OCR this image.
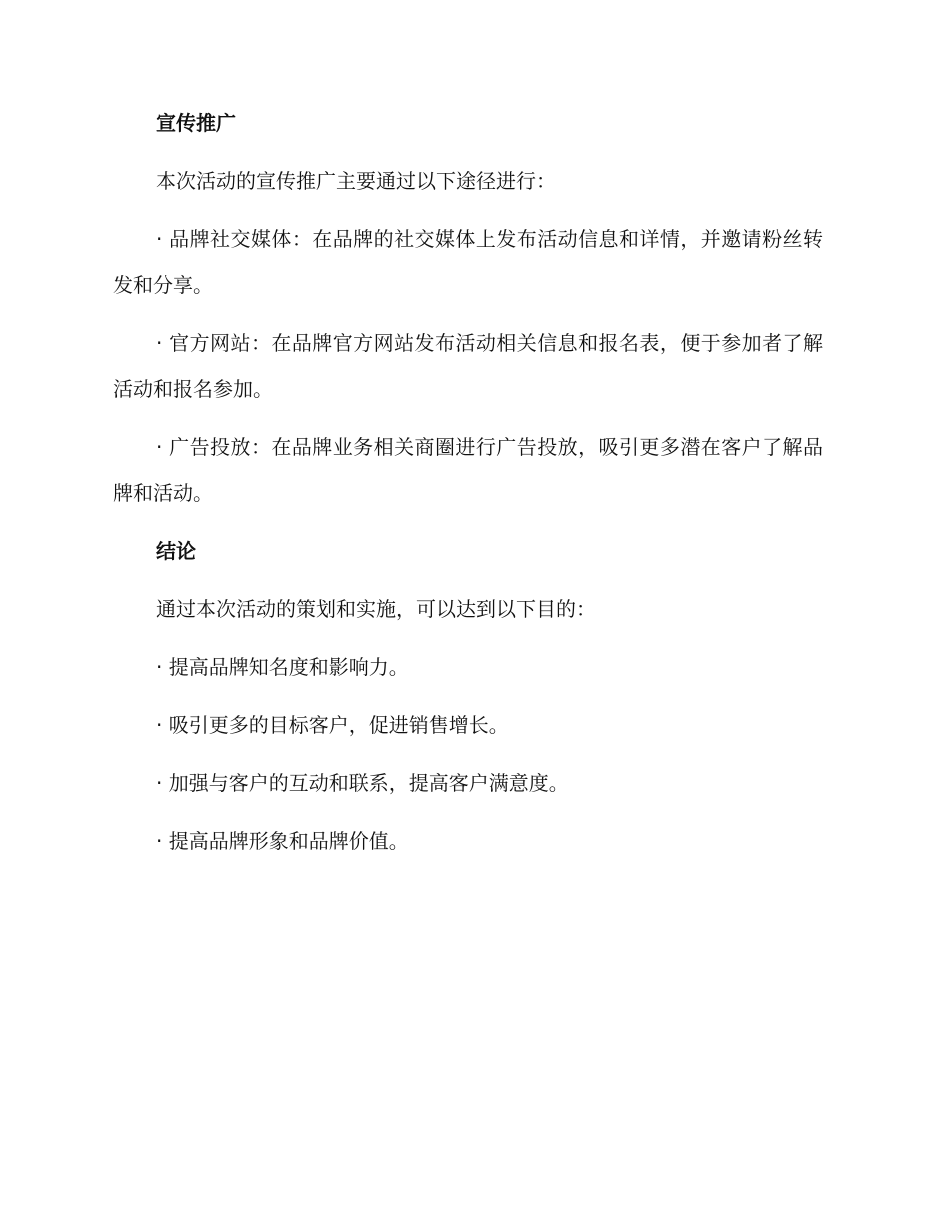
宣传推广

本次活动的宣传推广主要通过以下途径进行：

· 品牌社交媒体：在品牌的社交媒体上发布活动信息和详情，并邀请粉丝转发和分享。

· 官方网站：在品牌官方网站发布活动相关信息和报名表，便于参加者了解活动和报名参加。

· 广告投放：在品牌业务相关商圈进行广告投放，吸引更多潜在客户了解品牌和活动。

结论

通过本次活动的策划和实施，可以达到以下目的：

· 提高品牌知名度和影响力。

· 吸引更多的目标客户，促进销售增长。

· 加强与客户的互动和联系，提高客户满意度。

· 提高品牌形象和品牌价值。
